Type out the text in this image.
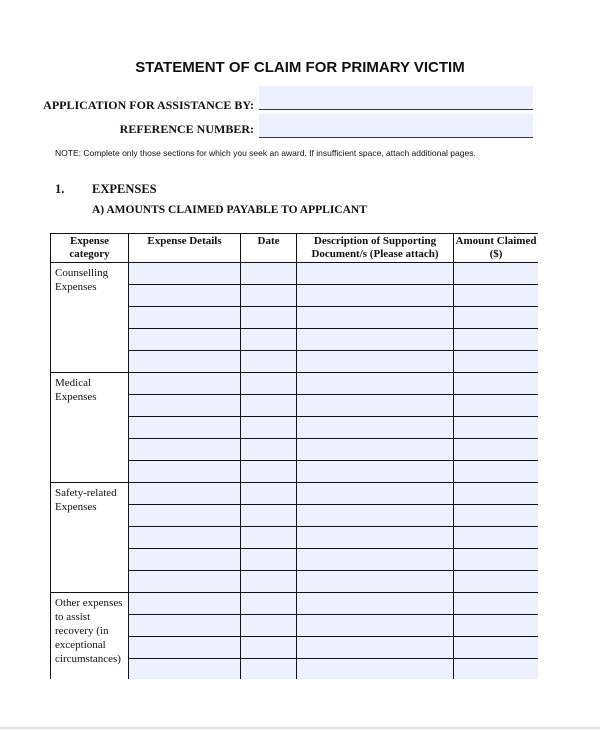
STATEMENT OF CLAIM FOR PRIMARY VICTIM
APPLICATION FOR ASSISTANCE BY:
REFERENCE NUMBER:
NOTE: Complete only those sections for which you seek an award. If insufficient space, attach additional pages.
1. EXPENSES
A) AMOUNTS CLAIMED PAYABLE TO APPLICANT
Expense category	Expense Details	Date	Description of Supporting Document/s (Please attach)	Amount Claimed ($)
Counselling Expenses				

Medical Expenses				

Safety-related Expenses				

Other expenses to assist recovery (in exceptional circumstances)				
